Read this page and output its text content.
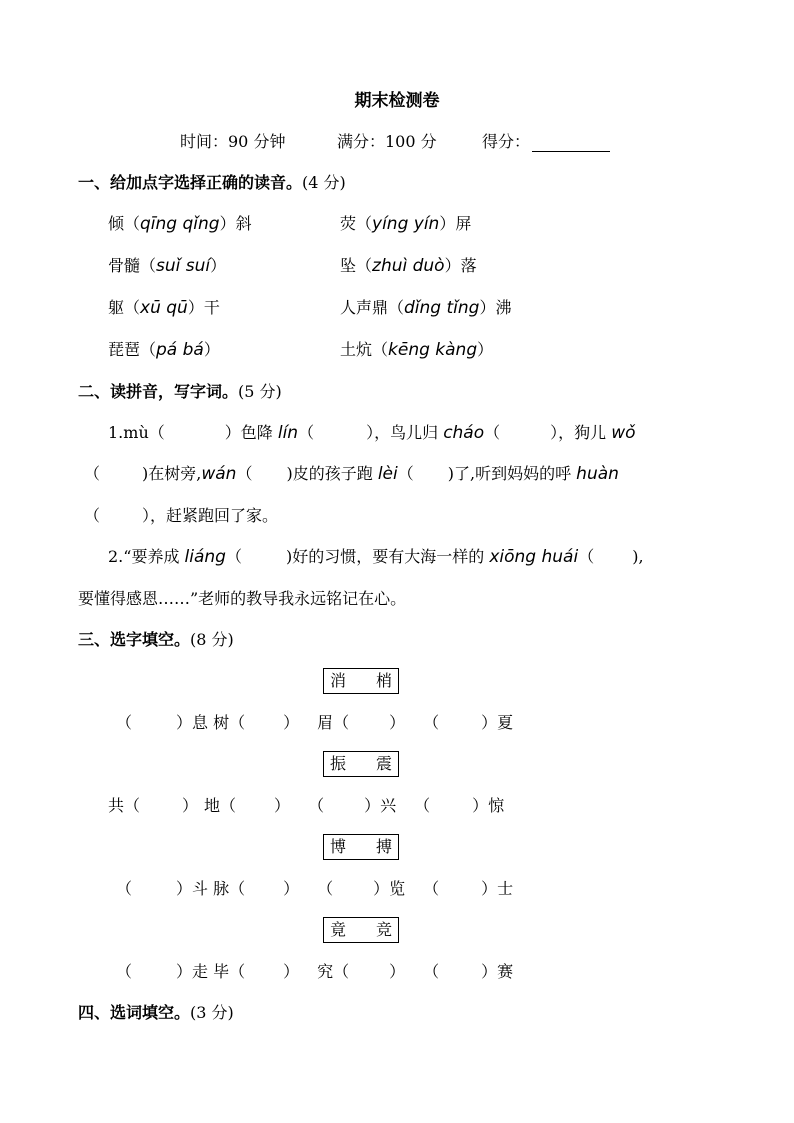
期末检测卷
时间：90 分钟	满分：100 分	得分：
一、给加点字选择正确的读音。(4 分)
倾（qīng qǐng）斜	荧（yíng yín）屏
骨髓（suǐ suí）	坠（zhuì duò）落
躯（xū qū）干	人声鼎（dǐng tǐng）沸
琵琶（pá bá）	土炕（kēng kàng）
二、读拼音，写字词。(5 分)
1.mù（	）色降 lín（	），鸟儿归 cháo（	），狗儿 wǒ
（	)在树旁,wán（ )皮的孩子跑 lèi（ )了,听到妈妈的呼 huàn
（	），赶紧跑回了家。
2.“要养成 liáng（	)好的习惯，要有大海一样的 xiōng huái（ ),
要懂得感恩……”老师的教导我永远铭记在心。
三、选字填空。(8 分)
消 梢
（	）息 树（ ） 眉（	） （	）夏
振 震
共（	） 地（ ） （	）兴 （	）惊
博 搏
（	）斗 脉（ ） （	）览 （	）士
竟 竞
（	）走 毕（ ） 究（	） （	）赛
四、选词填空。(3 分)
